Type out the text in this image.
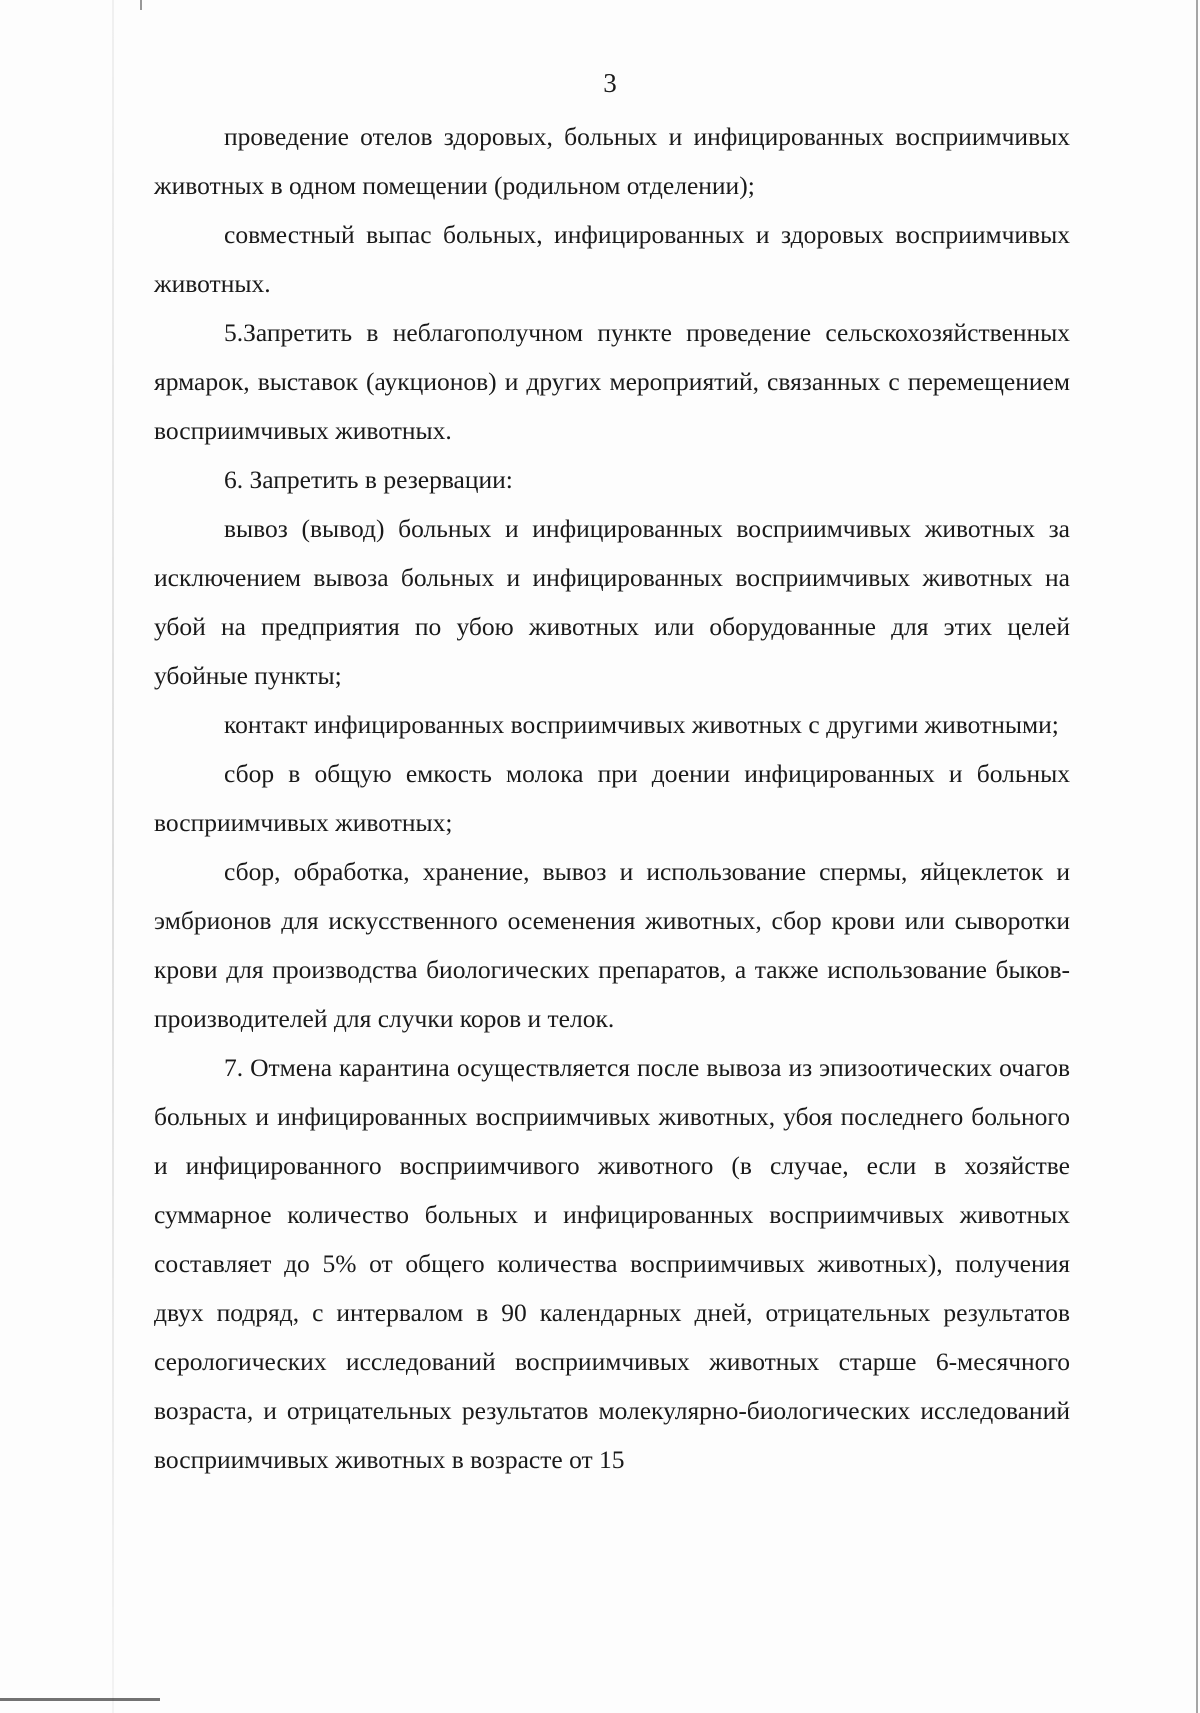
3

проведение отелов здоровых, больных и инфицированных восприимчивых животных в одном помещении (родильном отделении);

совместный выпас больных, инфицированных и здоровых восприимчивых животных.

5.Запретить в неблагополучном пункте проведение сельскохозяйственных ярмарок, выставок (аукционов) и других мероприятий, связанных с перемещением восприимчивых животных.

6. Запретить в резервации:

вывоз (вывод) больных и инфицированных восприимчивых животных за исключением вывоза больных и инфицированных восприимчивых животных на убой на предприятия по убою животных или оборудованные для этих целей убойные пункты;

контакт инфицированных восприимчивых животных с другими животными;

сбор в общую емкость молока при доении инфицированных и больных восприимчивых животных;

сбор, обработка, хранение, вывоз и использование спермы, яйцеклеток и эмбрионов для искусственного осеменения животных, сбор крови или сыворотки крови для производства биологических препаратов, а также использование быков-производителей для случки коров и телок.

7. Отмена карантина осуществляется после вывоза из эпизоотических очагов больных и инфицированных восприимчивых животных, убоя последнего больного и инфицированного восприимчивого животного (в случае, если в хозяйстве суммарное количество больных и инфицированных восприимчивых животных составляет до 5% от общего количества восприимчивых животных), получения двух подряд, с интервалом в 90 календарных дней, отрицательных результатов серологических исследований восприимчивых животных старше 6-месячного возраста, и отрицательных результатов молекулярно-биологических исследований восприимчивых животных в возрасте от 15
